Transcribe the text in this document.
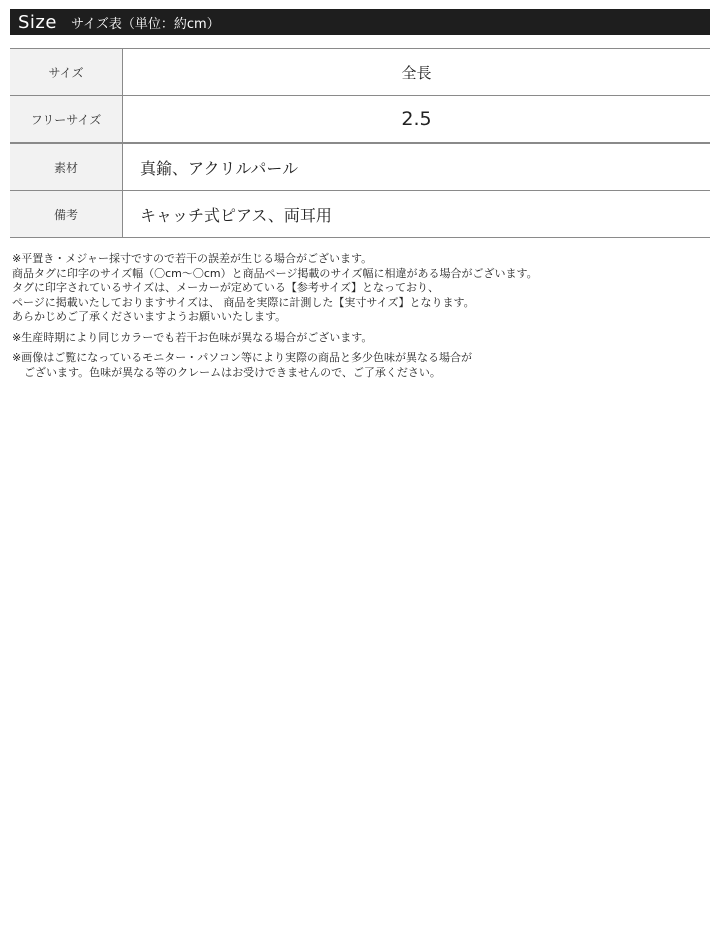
Size サイズ表（単位：約cm）
サイズ	全長
フリーサイズ	2.5
素材	真鍮、アクリルパール
備考	キャッチ式ピアス、両耳用
※平置き・メジャー採寸ですので若干の誤差が生じる場合がございます。
商品タグに印字のサイズ幅（〇cm〜〇cm）と商品ページ掲載のサイズ幅に相違がある場合がございます。
タグに印字されているサイズは、メーカーが定めている【参考サイズ】となっており、
ページに掲載いたしておりますサイズは、 商品を実際に計測した【実寸サイズ】となります。
あらかじめご了承くださいますようお願いいたします。
※生産時期により同じカラーでも若干お色味が異なる場合がございます。
※画像はご覧になっているモニター・パソコン等により実際の商品と多少色味が異なる場合が
ございます。色味が異なる等のクレームはお受けできませんので、ご了承ください。
